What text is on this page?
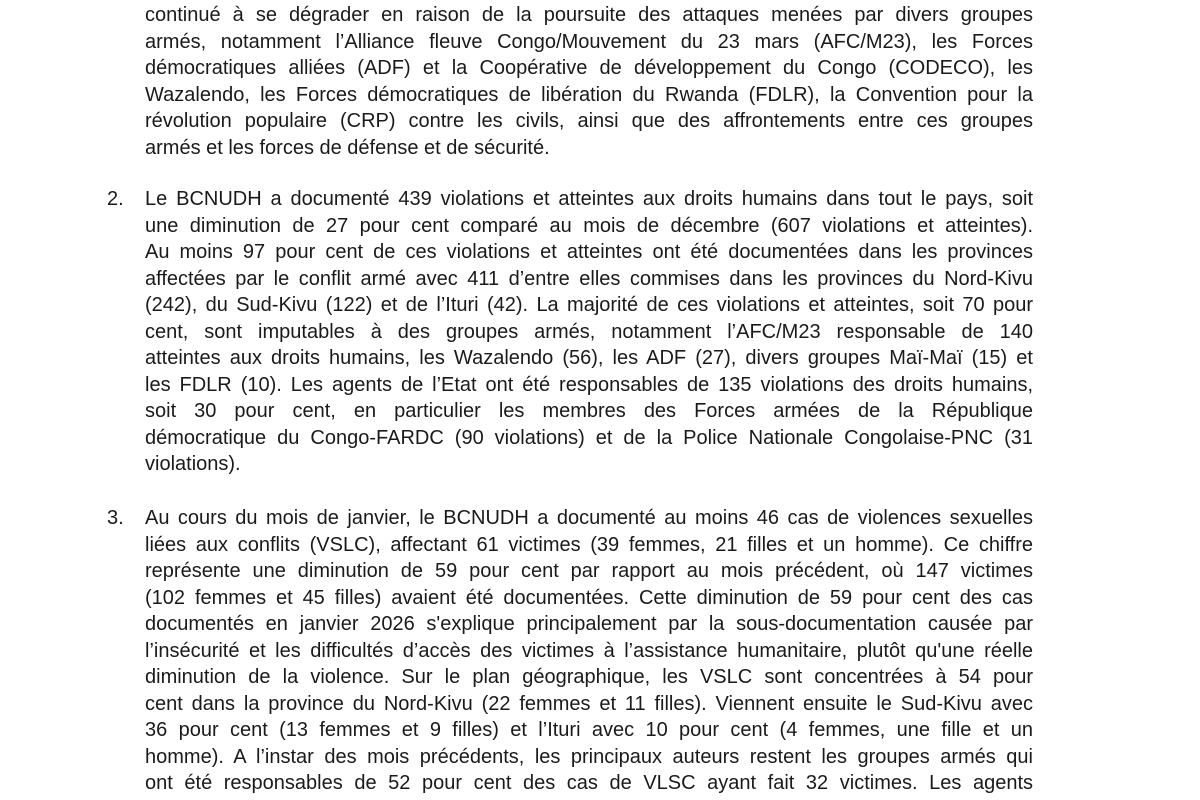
continué à se dégrader en raison de la poursuite des attaques menées par divers groupes
armés, notamment l’Alliance fleuve Congo/Mouvement du 23 mars (AFC/M23), les Forces
démocratiques alliées (ADF) et la Coopérative de développement du Congo (CODECO), les
Wazalendo, les Forces démocratiques de libération du Rwanda (FDLR), la Convention pour la
révolution populaire (CRP) contre les civils, ainsi que des affrontements entre ces groupes
armés et les forces de défense et de sécurité.
2. Le BCNUDH a documenté 439 violations et atteintes aux droits humains dans tout le pays, soit
une diminution de 27 pour cent comparé au mois de décembre (607 violations et atteintes).
Au moins 97 pour cent de ces violations et atteintes ont été documentées dans les provinces
affectées par le conflit armé avec 411 d’entre elles commises dans les provinces du Nord-Kivu
(242), du Sud-Kivu (122) et de l’Ituri (42). La majorité de ces violations et atteintes, soit 70 pour
cent, sont imputables à des groupes armés, notamment l’AFC/M23 responsable de 140
atteintes aux droits humains, les Wazalendo (56), les ADF (27), divers groupes Maï-Maï (15) et
les FDLR (10). Les agents de l’Etat ont été responsables de 135 violations des droits humains,
soit 30 pour cent, en particulier les membres des Forces armées de la République
démocratique du Congo-FARDC (90 violations) et de la Police Nationale Congolaise-PNC (31
violations).
3. Au cours du mois de janvier, le BCNUDH a documenté au moins 46 cas de violences sexuelles
liées aux conflits (VSLC), affectant 61 victimes (39 femmes, 21 filles et un homme). Ce chiffre
représente une diminution de 59 pour cent par rapport au mois précédent, où 147 victimes
(102 femmes et 45 filles) avaient été documentées. Cette diminution de 59 pour cent des cas
documentés en janvier 2026 s'explique principalement par la sous-documentation causée par
l’insécurité et les difficultés d’accès des victimes à l’assistance humanitaire, plutôt qu'une réelle
diminution de la violence. Sur le plan géographique, les VSLC sont concentrées à 54 pour
cent dans la province du Nord-Kivu (22 femmes et 11 filles). Viennent ensuite le Sud-Kivu avec
36 pour cent (13 femmes et 9 filles) et l’Ituri avec 10 pour cent (4 femmes, une fille et un
homme). A l’instar des mois précédents, les principaux auteurs restent les groupes armés qui
ont été responsables de 52 pour cent des cas de VLSC ayant fait 32 victimes. Les agents
